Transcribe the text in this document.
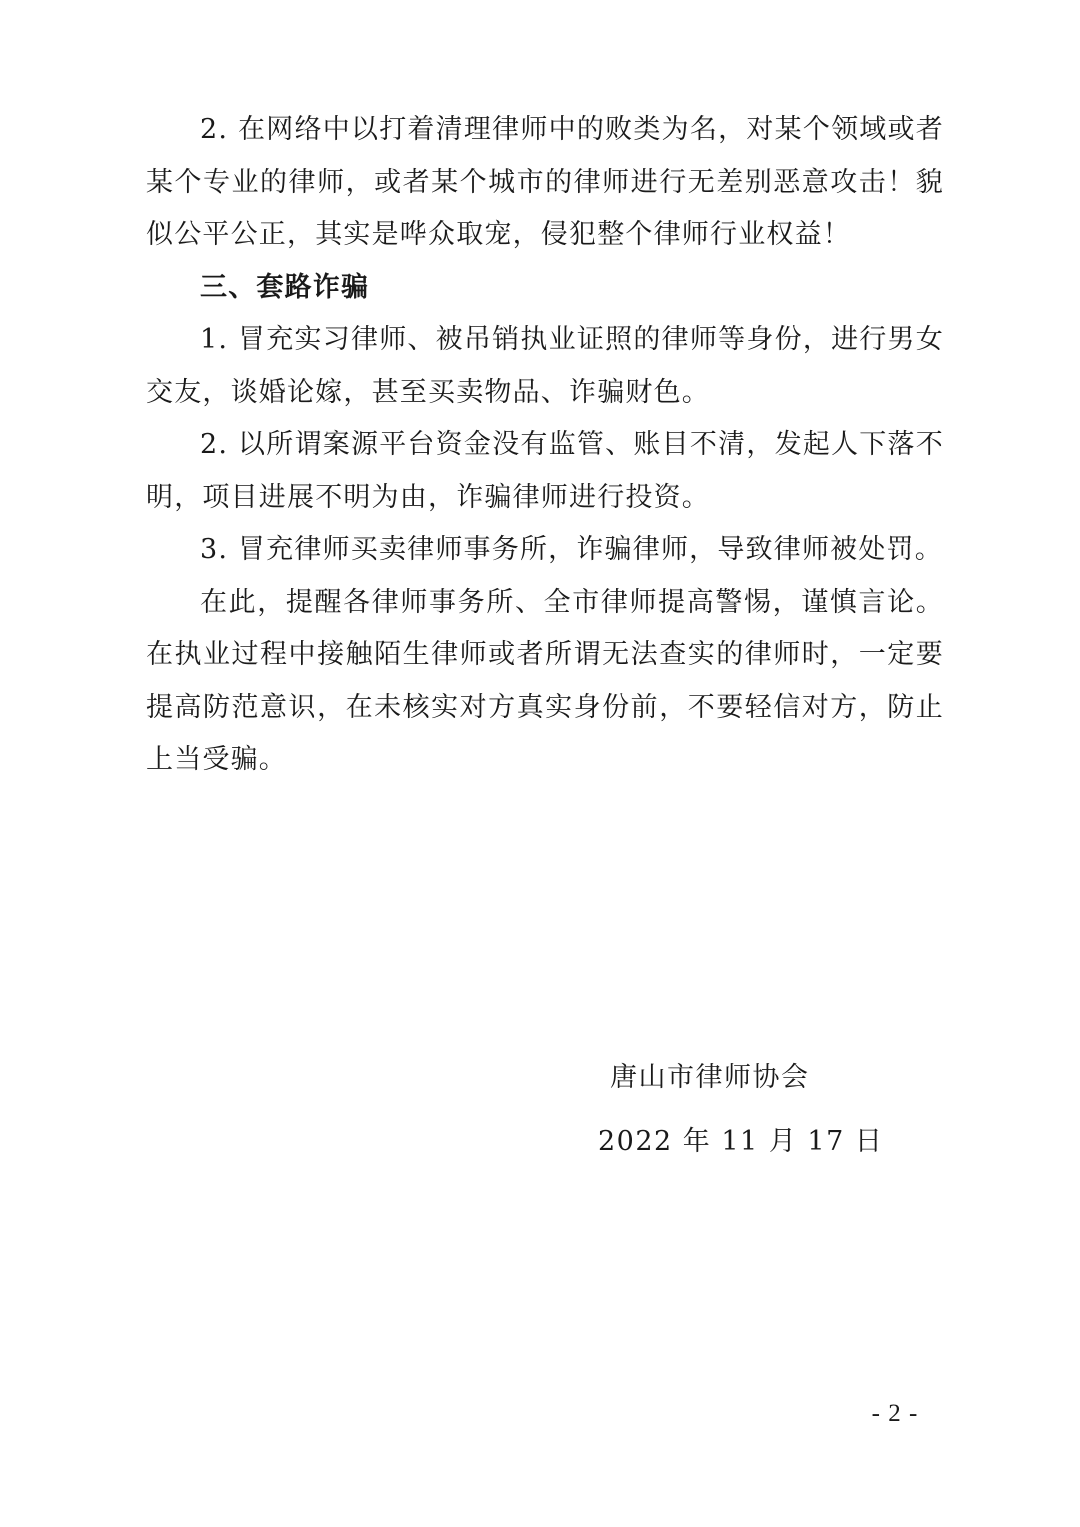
2. 在网络中以打着清理律师中的败类为名，对某个领域或者某个专业的律师，或者某个城市的律师进行无差别恶意攻击！貌似公平公正，其实是哗众取宠，侵犯整个律师行业权益！

三、套路诈骗

1. 冒充实习律师、被吊销执业证照的律师等身份，进行男女交友，谈婚论嫁，甚至买卖物品、诈骗财色。

2. 以所谓案源平台资金没有监管、账目不清，发起人下落不明，项目进展不明为由，诈骗律师进行投资。

3. 冒充律师买卖律师事务所，诈骗律师，导致律师被处罚。

在此，提醒各律师事务所、全市律师提高警惕，谨慎言论。在执业过程中接触陌生律师或者所谓无法查实的律师时，一定要提高防范意识，在未核实对方真实身份前，不要轻信对方，防止上当受骗。

唐山市律师协会
2022 年 11 月 17 日
- 2 -
